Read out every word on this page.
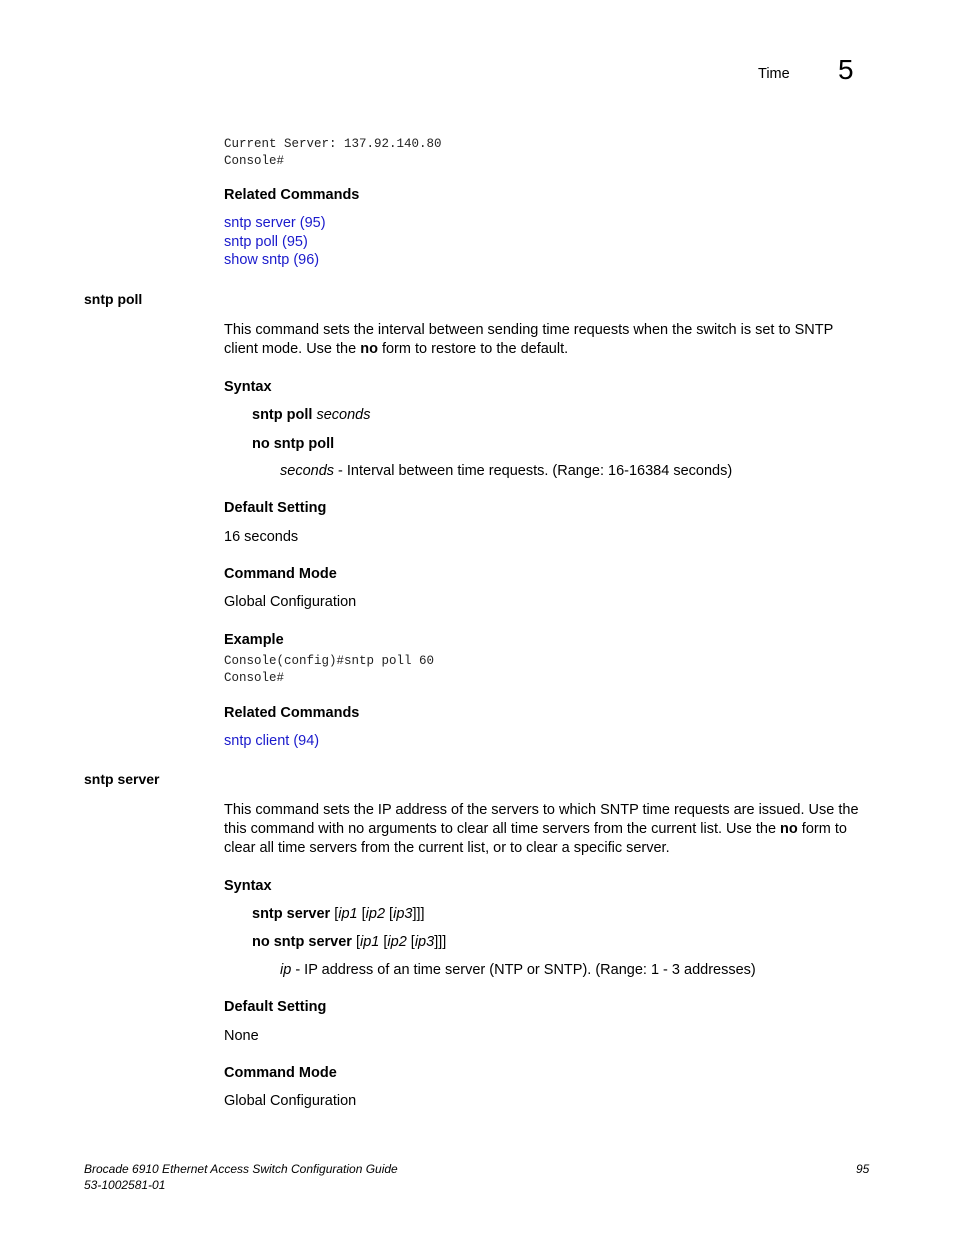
Time 5
Current Server: 137.92.140.80
Console#
Related Commands
sntp server (95)
sntp poll (95)
show sntp (96)
sntp poll
This command sets the interval between sending time requests when the switch is set to SNTP
client mode. Use the no form to restore to the default.
Syntax
sntp poll seconds
no sntp poll
seconds - Interval between time requests. (Range: 16-16384 seconds)
Default Setting
16 seconds
Command Mode
Global Configuration
Example
Console(config)#sntp poll 60
Console#
Related Commands
sntp client (94)
sntp server
This command sets the IP address of the servers to which SNTP time requests are issued. Use the
this command with no arguments to clear all time servers from the current list. Use the no form to
clear all time servers from the current list, or to clear a specific server.
Syntax
sntp server [ip1 [ip2 [ip3]]]
no sntp server [ip1 [ip2 [ip3]]]
ip - IP address of an time server (NTP or SNTP). (Range: 1 - 3 addresses)
Default Setting
None
Command Mode
Global Configuration
Brocade 6910 Ethernet Access Switch Configuration Guide
53-1002581-01
95
